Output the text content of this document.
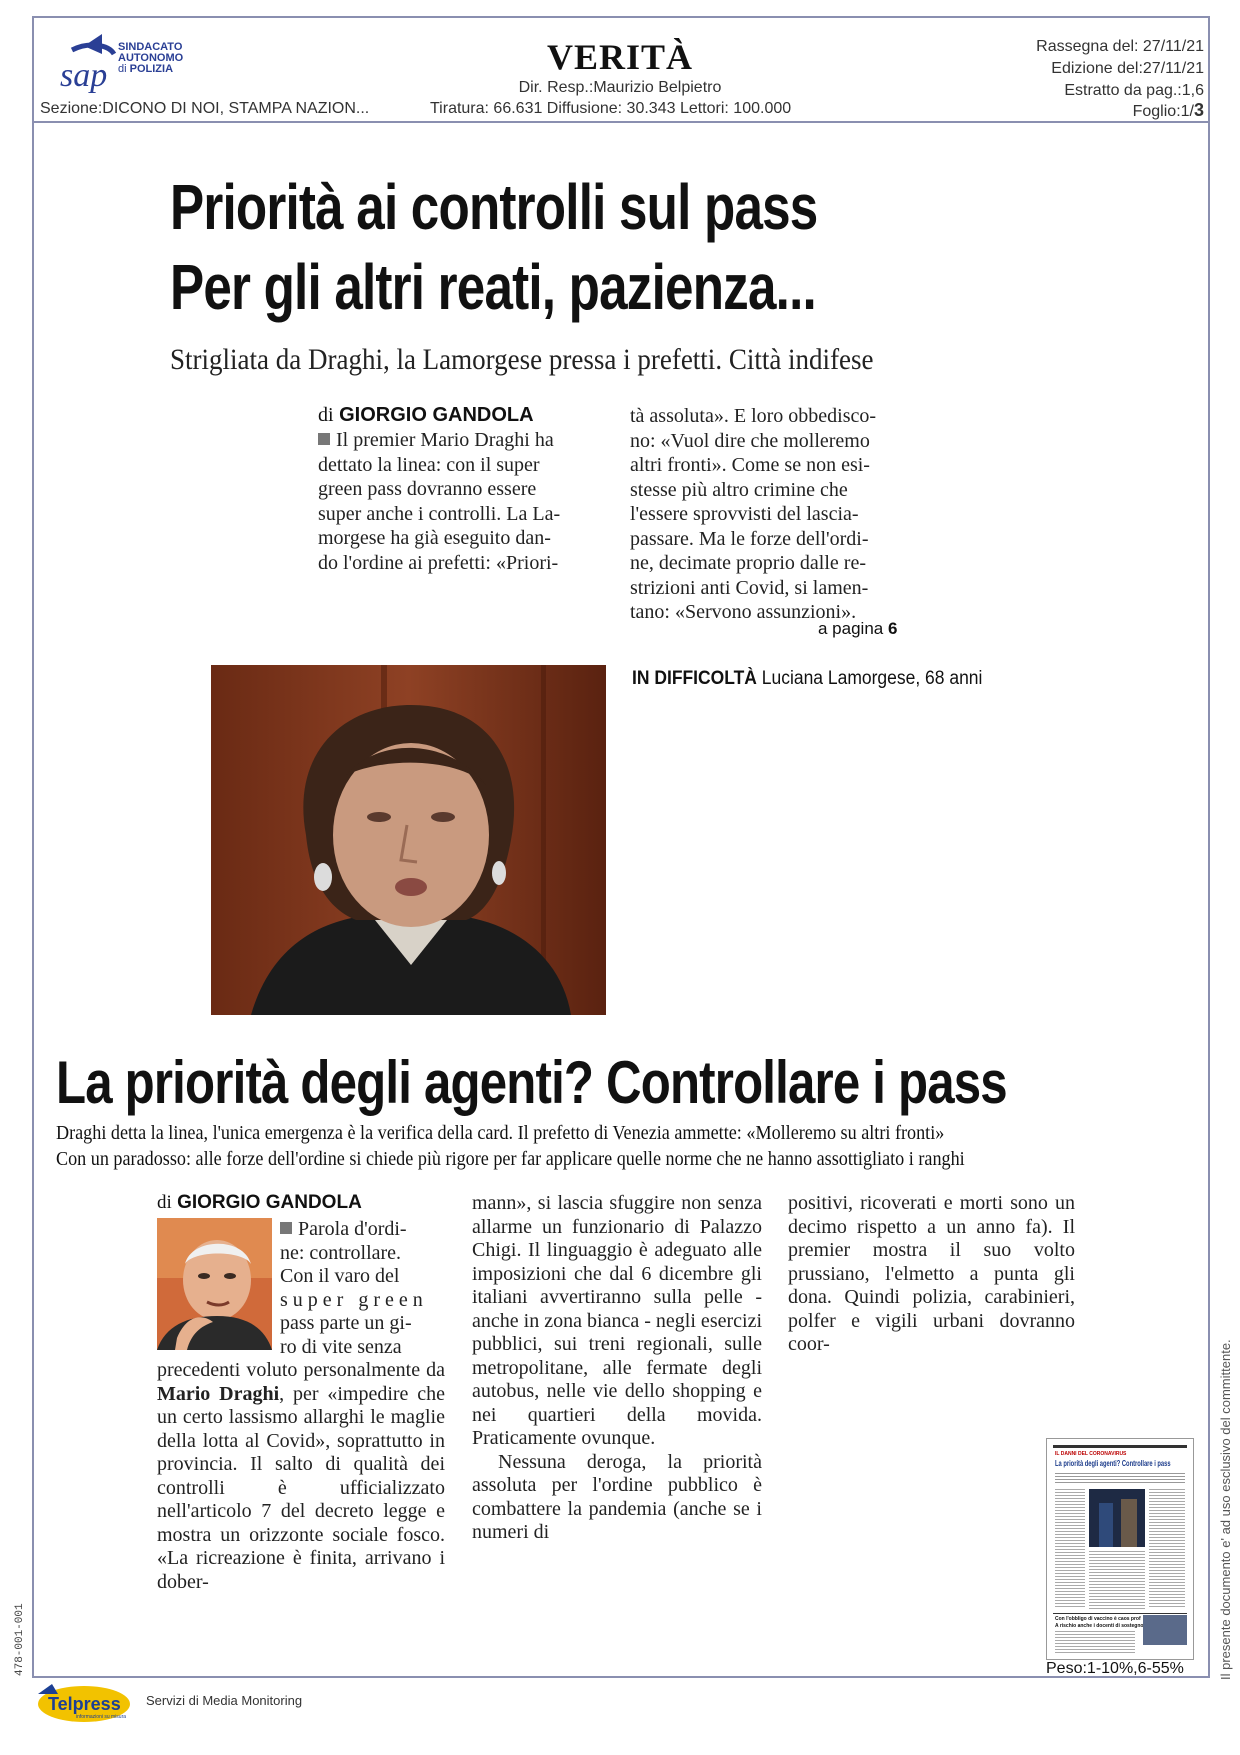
sap
SINDACATO
AUTONOMO
di POLIZIA	VERITÀ
Dir. Resp.:Maurizio Belpietro
Rassegna del: 27/11/21
Edizione del:27/11/21
Estratto da pag.:1,6
Sezione:DICONO DI NOI, STAMPA NAZION...	Tiratura: 66.631 Diffusione: 30.343 Lettori: 100.000	Foglio:1/3
Priorità ai controlli sul pass
Per gli altri reati, pazienza...
Strigliata da Draghi, la Lamorgese pressa i prefetti. Città indifese
di GIORGIO GANDOLA
Il premier Mario Draghi ha
dettato la linea: con il super
green pass dovranno essere
super anche i controlli. La La-
morgese ha già eseguito dan-
do l'ordine ai prefetti: «Priori-
tà assoluta». E loro obbedisco-
no: «Vuol dire che molleremo
altri fronti». Come se non esi-
stesse più altro crimine che
l'essere sprovvisti del lascia-
passare. Ma le forze dell'ordi-
ne, decimate proprio dalle re-
strizioni anti Covid, si lamen-
tano: «Servono assunzioni».
a pagina 6
IN DIFFICOLTÀ Luciana Lamorgese, 68 anni
La priorità degli agenti? Controllare i pass
Draghi detta la linea, l'unica emergenza è la verifica della card. Il prefetto di Venezia ammette: «Molleremo su altri fronti»
Con un paradosso: alle forze dell'ordine si chiede più rigore per far applicare quelle norme che ne hanno assottigliato i ranghi
di GIORGIO GANDOLA
Parola d'ordi-
ne: controllare.
Con il varo del
super green
pass parte un gi-
ro di vite senza

precedenti voluto personalmente da Mario Draghi, per «impedire che un certo lassismo allarghi le maglie della lotta al Covid», soprattutto in provincia. Il salto di qualità dei controlli è ufficializzato nell'articolo 7 del decreto legge e mostra un orizzonte sociale fosco. «La ricreazione è finita, arrivano i dober-

mann», si lascia sfuggire non senza allarme un funzionario di Palazzo Chigi. Il linguaggio è adeguato alle imposizioni che dal 6 dicembre gli italiani avvertiranno sulla pelle - anche in zona bianca - negli esercizi pubblici, sui treni regionali, sulle metropolitane, alle fermate degli autobus, nelle vie dello shopping e nei quartieri della movida. Praticamente ovunque.

Nessuna deroga, la priorità assoluta per l'ordine pubblico è combattere la pandemia (anche se i numeri di

positivi, ricoverati e morti sono un decimo rispetto a un anno fa). Il premier mostra il suo volto prussiano, l'elmetto a punta gli dona. Quindi polizia, carabinieri, polfer e vigili urbani dovranno coor-

IL DANNI DEL CORONAVIRUS
La priorità degli agenti? Controllare i pass
Con l'obbligo di vaccino è caos prof
A rischio anche i docenti di sostegno
Peso:1-10%,6-55%	Il presente documento e' ad uso esclusivo del committente.
478-001-001
Telpress
informazioni su misura
Servizi di Media Monitoring
